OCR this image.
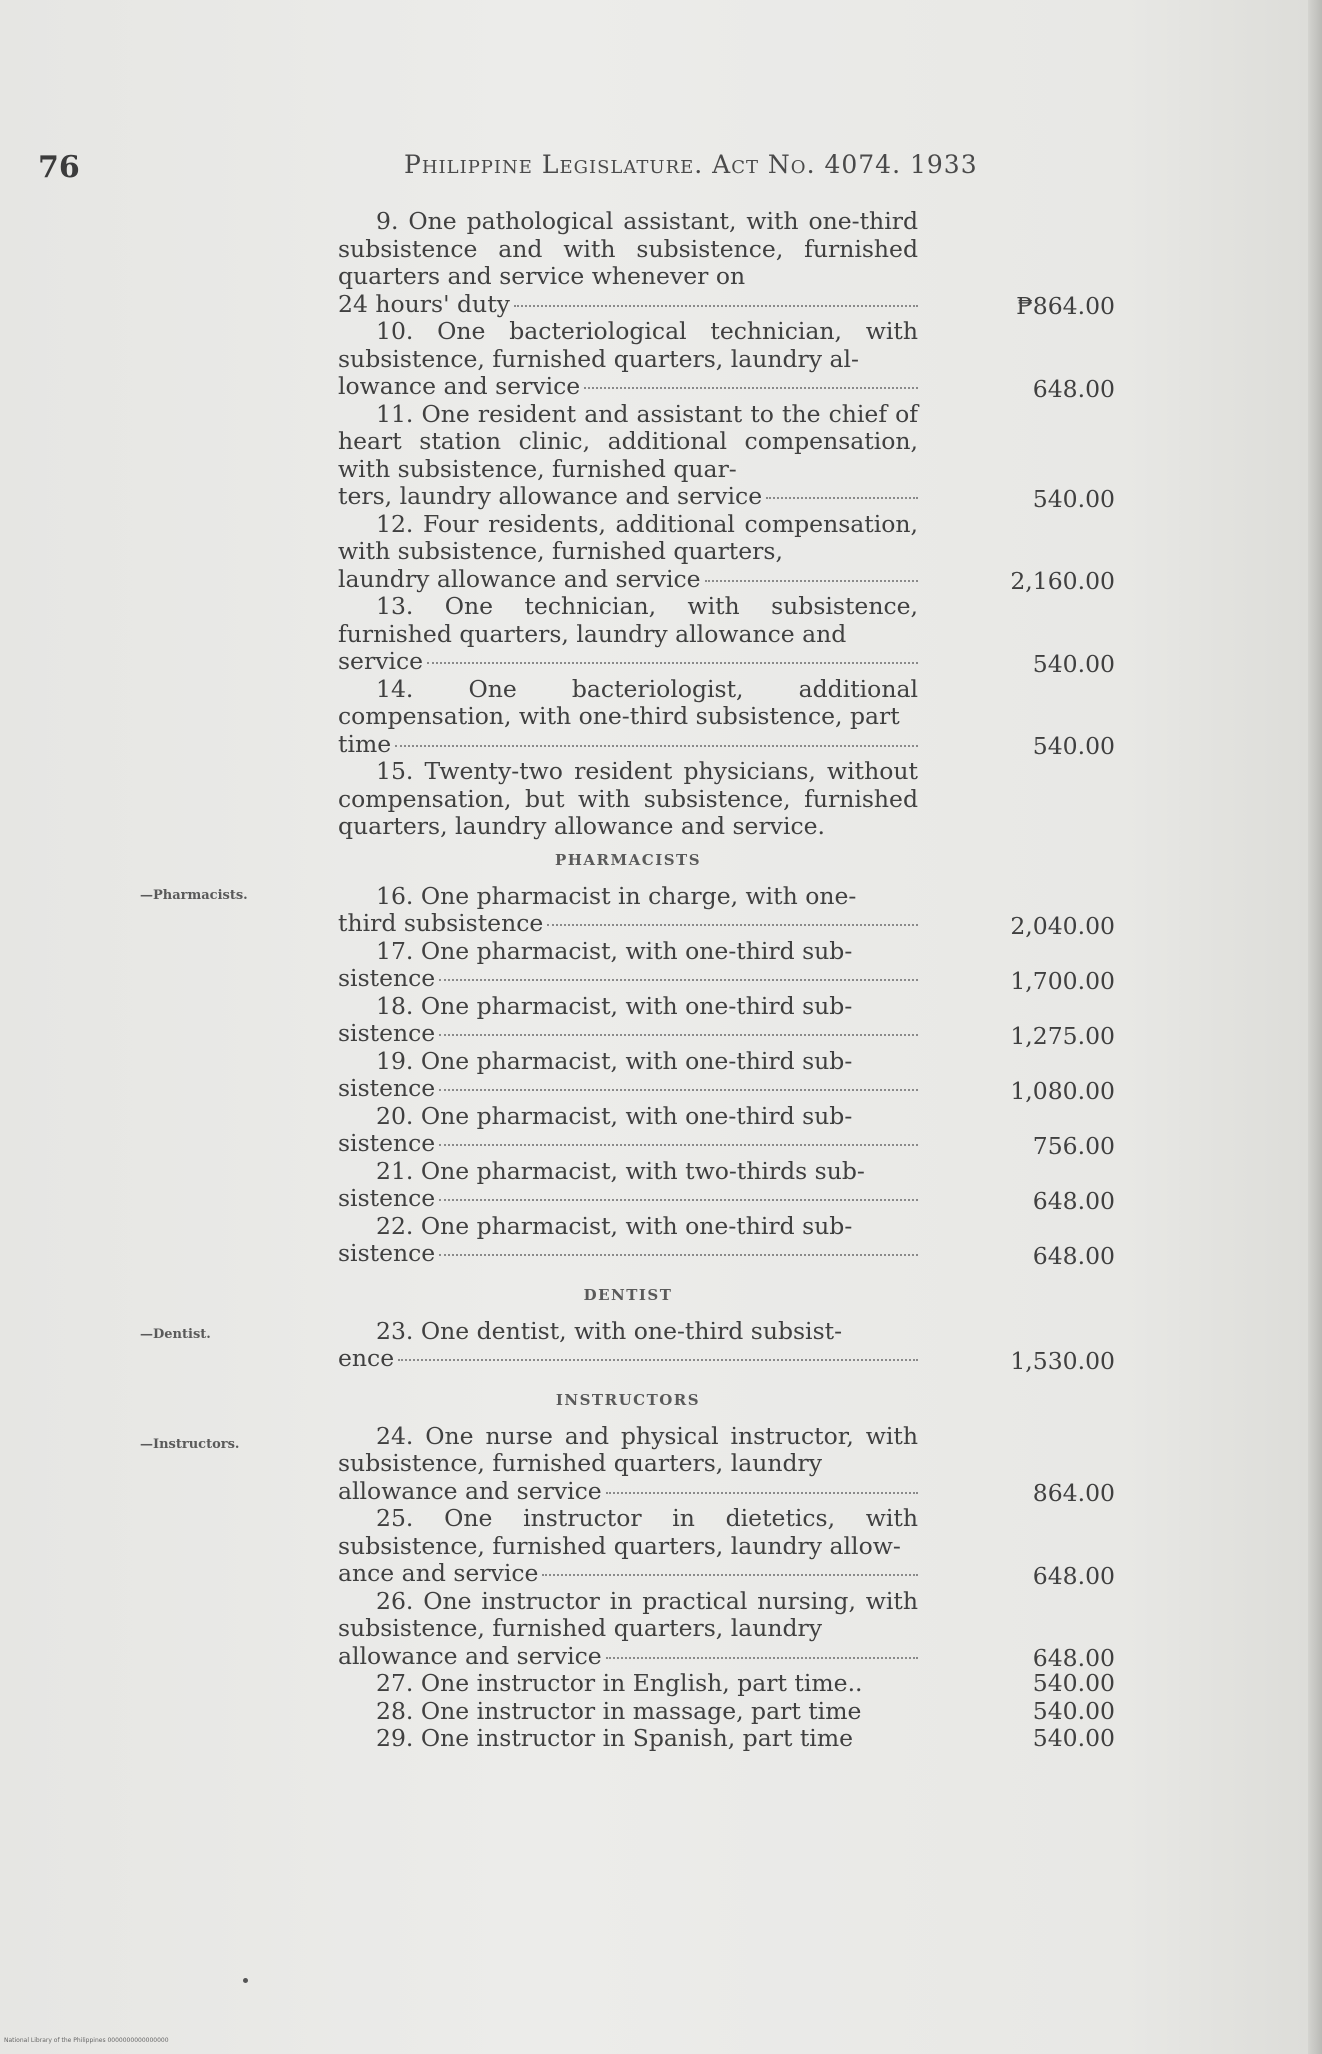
76	Philippine Legislature. Act No. 4074. 1933
—Pharmacists.
—Dentist.
—Instructors.
9. One pathological assistant, with one-third subsistence and with subsistence, furnished quarters and service whenever on
24 hours' duty	₱864.00
10. One bacteriological technician, with subsistence, furnished quarters, laundry al-
lowance and service	648.00
11. One resident and assistant to the chief of heart station clinic, additional compensation, with subsistence, furnished quar-
ters, laundry allowance and service	540.00
12. Four residents, additional compensation, with subsistence, furnished quarters,
laundry allowance and service	2,160.00
13. One technician, with subsistence, furnished quarters, laundry allowance and
service	540.00
14. One bacteriologist, additional compensation, with one-third subsistence, part
time	540.00
15. Twenty-two resident physicians, without compensation, but with subsistence, furnished quarters, laundry allowance and service.
PHARMACISTS
16. One pharmacist in charge, with one-
third subsistence	2,040.00
17. One pharmacist, with one-third sub-
sistence	1,700.00
18. One pharmacist, with one-third sub-
sistence	1,275.00
19. One pharmacist, with one-third sub-
sistence	1,080.00
20. One pharmacist, with one-third sub-
sistence	756.00
21. One pharmacist, with two-thirds sub-
sistence	648.00
22. One pharmacist, with one-third sub-
sistence	648.00
DENTIST
23. One dentist, with one-third subsist-
ence	1,530.00
INSTRUCTORS
24. One nurse and physical instructor, with subsistence, furnished quarters, laundry
allowance and service	864.00
25. One instructor in dietetics, with subsistence, furnished quarters, laundry allow-
ance and service	648.00
26. One instructor in practical nursing, with subsistence, furnished quarters, laundry
allowance and service	648.00
27. One instructor in English, part time..	540.00
28. One instructor in massage, part time	540.00
29. One instructor in Spanish, part time	540.00
National Library of the Philippines 0000000000000000
